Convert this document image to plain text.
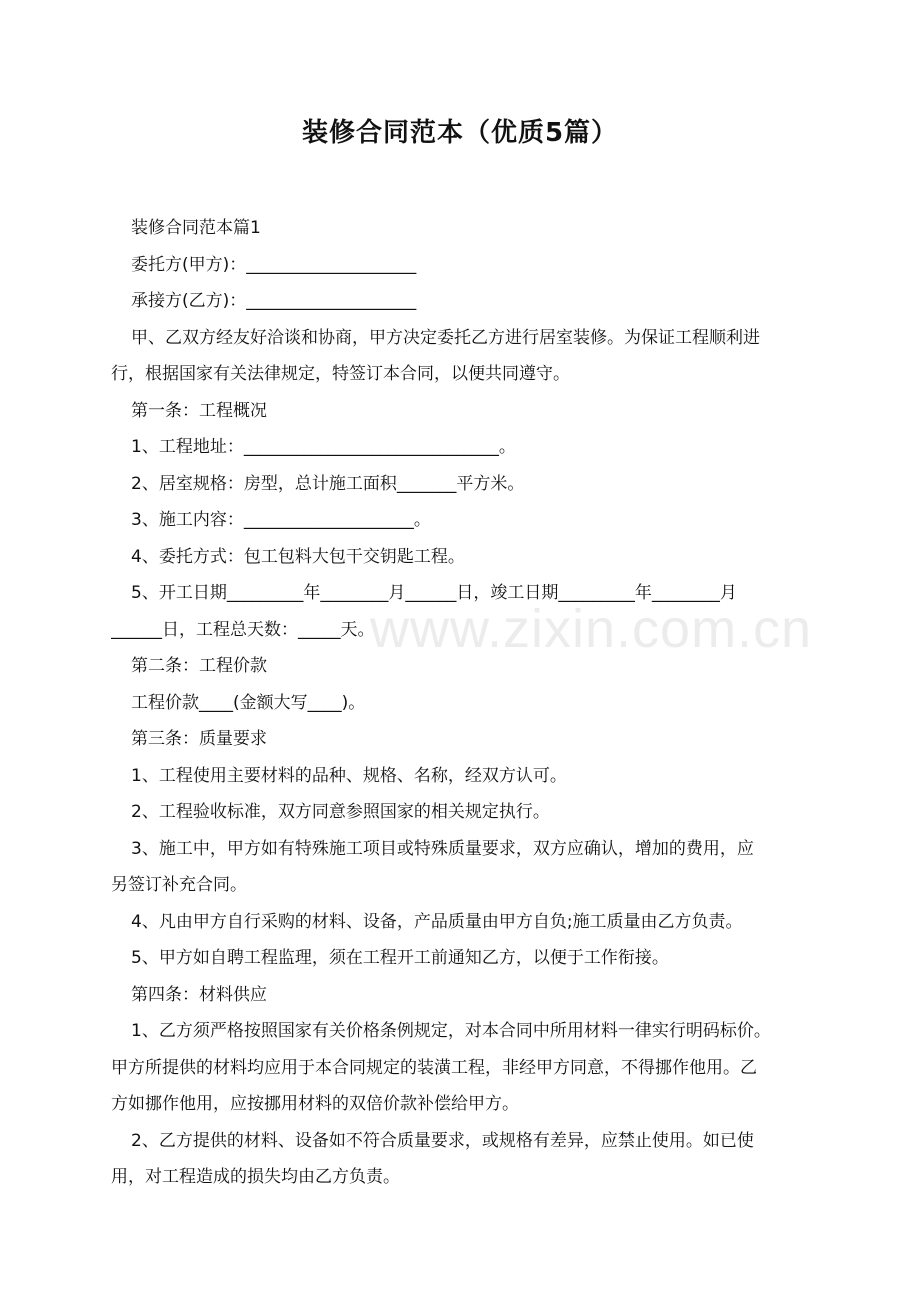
装修合同范本（优质5篇）
装修合同范本篇1
委托方(甲方)：____________________
承接方(乙方)：____________________
甲、乙双方经友好洽谈和协商，甲方决定委托乙方进行居室装修。为保证工程顺利进
行，根据国家有关法律规定，特签订本合同，以便共同遵守。
第一条：工程概况
1、工程地址：______________________________。
2、居室规格：房型，总计施工面积_______平方米。
3、施工内容：____________________。
4、委托方式：包工包料大包干交钥匙工程。
5、开工日期_________年________月______日，竣工日期_________年________月
______日，工程总天数：_____天。
第二条：工程价款
工程价款____(金额大写____)。
第三条：质量要求
1、工程使用主要材料的品种、规格、名称，经双方认可。
2、工程验收标准，双方同意参照国家的相关规定执行。
3、施工中，甲方如有特殊施工项目或特殊质量要求，双方应确认，增加的费用，应
另签订补充合同。
4、凡由甲方自行采购的材料、设备，产品质量由甲方自负;施工质量由乙方负责。
5、甲方如自聘工程监理，须在工程开工前通知乙方，以便于工作衔接。
第四条：材料供应
1、乙方须严格按照国家有关价格条例规定，对本合同中所用材料一律实行明码标价。
甲方所提供的材料均应用于本合同规定的装潢工程，非经甲方同意，不得挪作他用。乙
方如挪作他用，应按挪用材料的双倍价款补偿给甲方。
2、乙方提供的材料、设备如不符合质量要求，或规格有差异，应禁止使用。如已使
用，对工程造成的损失均由乙方负责。
www.zixin.com.cn
